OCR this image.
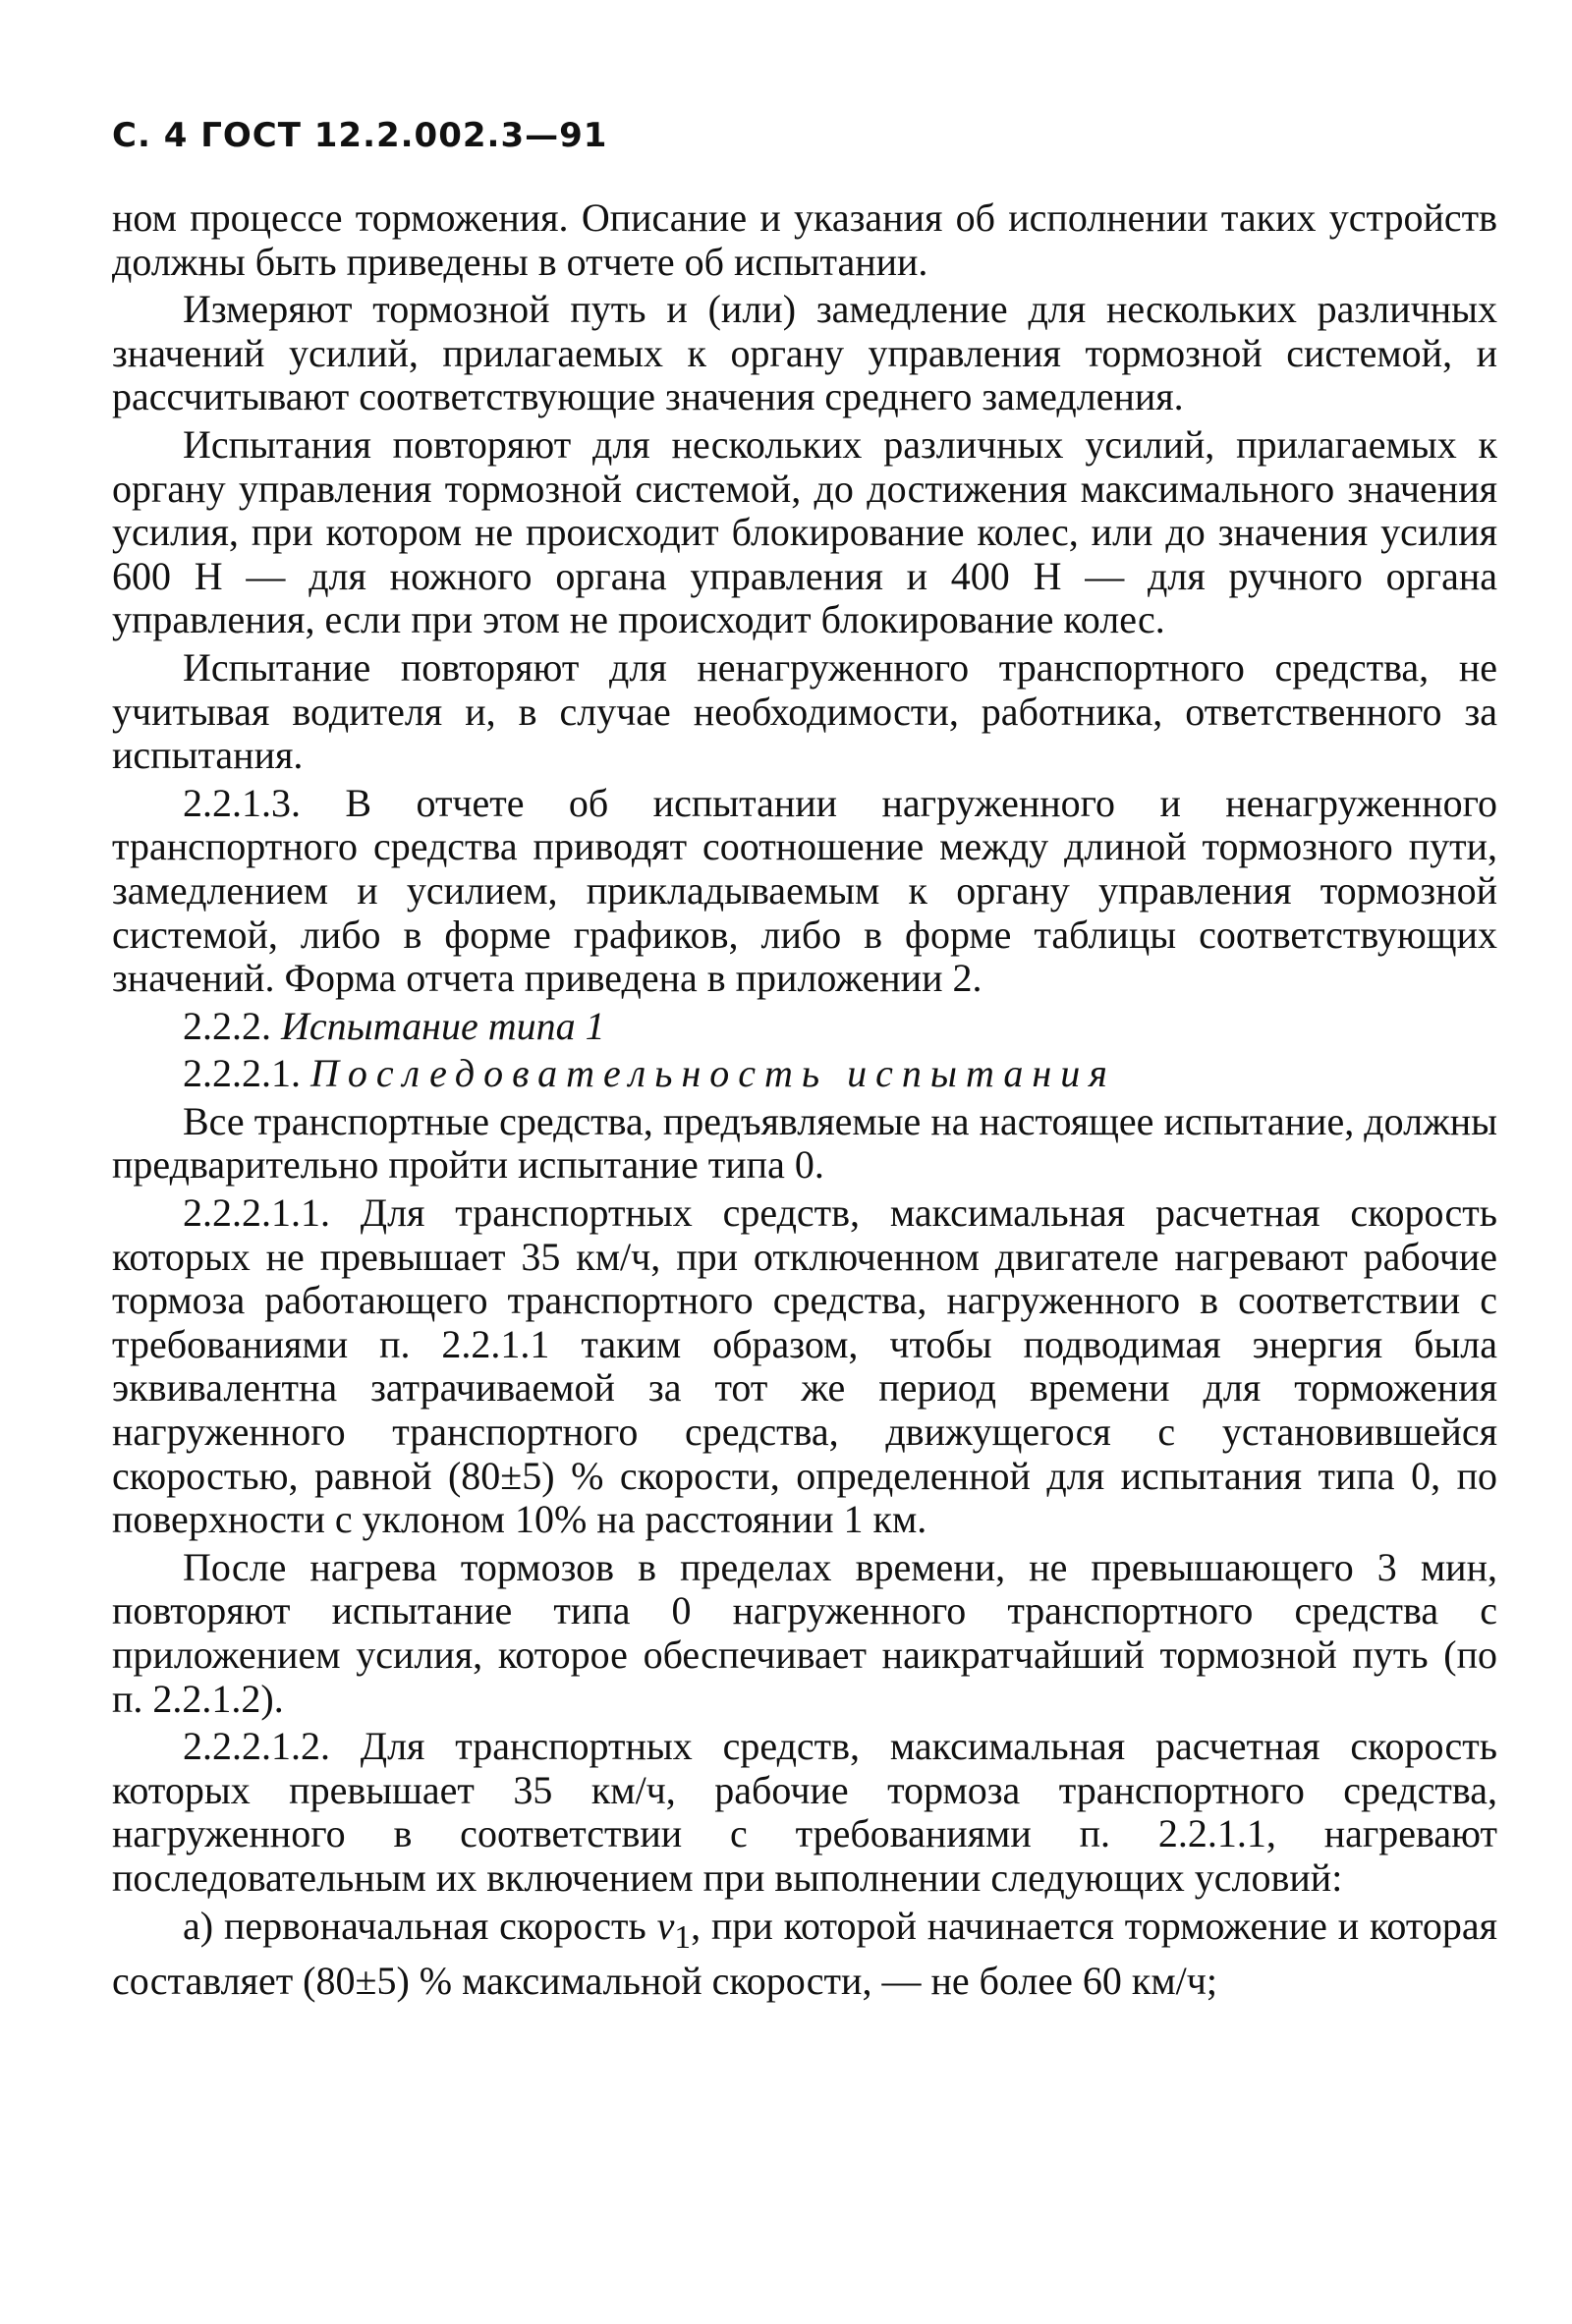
С. 4 ГОСТ 12.2.002.3—91

ном процессе торможения. Описание и указания об исполнении таких устройств должны быть приведены в отчете об испытании.

Измеряют тормозной путь и (или) замедление для нескольких различных значений усилий, прилагаемых к органу управления тормозной системой, и рассчитывают соответствующие значения среднего замедления.

Испытания повторяют для нескольких различных усилий, прилагаемых к органу управления тормозной системой, до достижения максимального значения усилия, при котором не происходит блокирование колес, или до значения усилия 600 Н — для ножного органа управления и 400 Н — для ручного органа управления, если при этом не происходит блокирование колес.

Испытание повторяют для ненагруженного транспортного средства, не учитывая водителя и, в случае необходимости, работника, ответственного за испытания.

2.2.1.3. В отчете об испытании нагруженного и ненагруженного транспортного средства приводят соотношение между длиной тормозного пути, замедлением и усилием, прикладываемым к органу управления тормозной системой, либо в форме графиков, либо в форме таблицы соответствующих значений. Форма отчета приведена в приложении 2.

2.2.2. Испытание типа 1

2.2.2.1. Последовательность испытания

Все транспортные средства, предъявляемые на настоящее испытание, должны предварительно пройти испытание типа 0.

2.2.2.1.1. Для транспортных средств, максимальная расчетная скорость которых не превышает 35 км/ч, при отключенном двигателе нагревают рабочие тормоза работающего транспортного средства, нагруженного в соответствии с требованиями п. 2.2.1.1 таким образом, чтобы подводимая энергия была эквивалентна затрачиваемой за тот же период времени для торможения нагруженного транспортного средства, движущегося с установившейся скоростью, равной (80±5) % скорости, определенной для испытания типа 0, по поверхности с уклоном 10% на расстоянии 1 км.

После нагрева тормозов в пределах времени, не превышающего 3 мин, повторяют испытание типа 0 нагруженного транспортного средства с приложением усилия, которое обеспечивает наикратчайший тормозной путь (по п. 2.2.1.2).

2.2.2.1.2. Для транспортных средств, максимальная расчетная скорость которых превышает 35 км/ч, рабочие тормоза транспортного средства, нагруженного в соответствии с требованиями п. 2.2.1.1, нагревают последовательным их включением при выполнении следующих условий:

а) первоначальная скорость $v_1$, при которой начинается торможение и которая составляет (80±5) % максимальной скорости, — не более 60 км/ч;
